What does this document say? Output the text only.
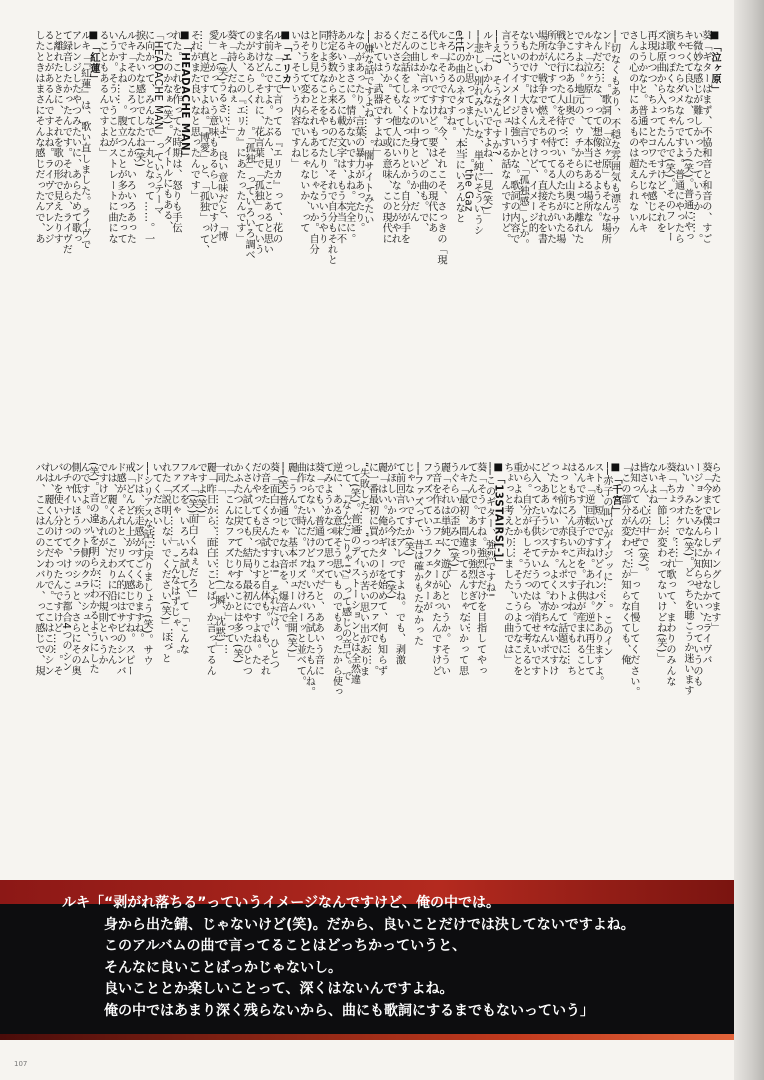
■「泣ヶ原」
葵「ギターはまず、不協和音と和音の、すご
い微妙な感じが難しかったっていうか……。
キモくて良いな、っていう(笑)。普通にやっ
ちゃったらダメなんですよ。普通にやったら
演歌っぽくなっちゃうんで(笑)。そのフレー
ズは原曲から入ってたんですけど、それを
再現しつつ、ちょっとコワモテな感じに
しようかなと。普通にやったんじゃ、ルキ
さんの心の中にあるものは超えられないん
で
──切なくもあり、不穏な雰囲気も漂うサウ
ンドで……。歌詞の「泣ヶ原」もそんな場所
なんだろうな、って想像させるような。
ルキ「泣ヶ原」って、本当にある場所なん
ですよね。地元の、ウチからちょっと離れた
ところにある山奥で……。その山奥にある、
戦争に行った人を待っている人たちがいた場
所なんですって。その待ってる人たちがいた
場所が、戦争で燃えちゃって。直接それを書
いたわけではないんですけど、イメージ的
なものです。大きく言うと、「孤独感」とか。
そういうイメージは強いかな。歌詞の内容で
言うと、インタビューする話なんですけど。
──え!?　そうなんですか?
ルキ「わかんないですよね、一見(笑)」
──悲しい別れみたいな、単純にそういうシ
ーンかと思ってました……。the Gaz
ettEの曲のネタって、本当にいろんなと
ころにあるんですね。
ルキ「そうですね。今、それこそ、さっきの「現
代じゃないですけど。要は、この現代にあ
るこしか言ってないって、どの曲も。で、
この曲は、ネットの中身というか、だん
だん会話をしなくなったりとか。自分が手を
くださなくても、他人にいろんなことがやれ
るというか。それって或る意味、この現代に
おいては、武器ですよね」
──嫌な話ですよね……。闇サイトみたい
なのがあったり、言葉の暴力があったり。
ルキ「まさに。情がないですよね。完全に。
あるいうところに載る文字は、もう本当に不
特定多数から来るものだし。それで自分もそれと
同じようなことをやってたり、そういうやり
とりを見てるとそれもあるんじゃないか。自分
はそうして変わらないんじゃないか、って
いう、そういう内容ですね」
■「エリカ」
ルキ「ここで言ってる『エリカ』って、花の
名前なんですよ。たぶん、見たことあると思い
ますけど。それに、花言葉で「孤独」っていう
のがあるらしく……。「孤独」っていろいろ調べ
てたら、この『エリカ』にあたったんです」
葵「詩人だねぇ……」
ルキ「(笑)うるさいよ!　良い意味だと、「博
愛」とかっていう意味もあるらしいですけど
……真逆ですよね。「博愛」と、「孤独」って、
それがまた良いなと思ったんです」
■「HEADACHE MAN」
れた。これを作ってた時期は、怒りも手伝
ってたのかなぁ(笑)。タイトルにもある、
「HEADACHE MAN」っていうテーマ
に向かって、みんなで一丸となって……。一
捩みたいな感じでしたね(笑)
ルキ「そのころってなんか、いろいろあった
んですよね……。腹立つことが多かったって
いうか。そういうことがストレートに曲にな
ることもあるんですよね」
■「紅蓮」
ルキ「『紅蓮』は、歌い直しました。ライヴで
アレンジしたやつみたいに、あらためて歌っ
て録音したかったんです。それから、ライヴだ
と離れたときに、それを歌の形で見えたりす
ることがあるんですよね。ライヴでアレンジ
したときはまさにそんな感じだったんで、あ
らためてレコーディングしてます」
葵「今まで僕らしか知らなかったライヴバ
ージョンをみんなに知らせたい、っていうのも
いい、みたいな(笑)。どっちを聴こうか迷います
ね、カラオケで……」
葵「ちょっ……。それ歌って、まわりのみんな
ルキ「一節しか変わってないけどね(笑)」
ないよね……」
皆さん、心の中で(笑)。
は知ってるんだぜ……」って自慢してください。
「この部分が変わったか知らなくても、俺
■「千宮」
──赤子の叫びがイジッに……。このイン
ストも、短いですけどインパクトありますよ。
ルキ「逆回転ですね。あれは。逆に再生して
るんです、赤子の声を。子供が産まれること
は、もちろん良いことですよね。でも……ち
ょっと前に、赤ちゃんポストって話題にな
ったじゃないですか。よくわかんないですけ
ど、ああいうシステムって。赤ちゃんポスト
に入ってた子供っていうのは、消せないです
から。自分がもしそうだったらって考えると
重いよね、とか……。そういうようなことを
ちょっと考えたりしました、この曲では」
■「13STAIRS[-]」
──このギター、強烈ですね!
葵「そうですね。強烈さだけを目指してやっ
てたんで。あんまり強烈すぎて……
ルキ「最初、間違ってるんじゃないかって思
うぐらいの歪みで(笑)」
麗「それは単純に、遊び心というか。そうい
う音を作るエフェクターがあったんですけど
ファズっていうエフェクターが
──ファズって、昔は確かもたなかった
じゃないですか(笑)
て前回言ってたアレですよね。でも、剥激
がほしいから今ほ、って(笑)
麗「はい。俺がギターを始めて、何も知らず
に一番最初に買ったのがそのファズで……。
“失敗した……”っていう苦い思い出がありま
して(笑)。普通のディストーションとは全然違
って、『なんだこりゃ!?』って感じの音で。で
逆に、ある意味そう思いものでもあったから使っ
てみようかなって思って」
葵「でも、普通のファズだと、ああいう音に
はならないんだけどね。いろいろ試したもんね。
曲作ってた時に。ファズだけバーッと並べて。
麗「うん。で、基本ボリューム全開(笑)」
──(笑)普通じゃない音を、爆音で。
葵「面白かったですね!　それだけ、ひとつ
の音をたくさん試すこと自体も。でも、それ
だけやっても戻ったりするんですよね。た
くさん試しても、結局、最初にやったひとつ
かふたつに戻ってたりすることは多い(笑)
れた「こんなファズじゃないか」って…
一同「……………………(一瞬、沈黙)」
麗「昨日から、面白いことばっか言ってるん
ですよ(笑)」
ルキ「(笑)面白くねぇだろ!」
ファズを、いろいろ試して、て「こんな
ファズじゃ……」。こんなはずじゃ……。
れた「説明しないでください(笑)」ほっと
いてください……
──シリアスな話に戻りましょう(笑)。サウ
ンドは、疾走感がすごくありますね。
戒「どんどん上がってく感じですね。スピー
ド感が。それと、リズム的にはサビのシンバ
ルは、麗くんのこだわりに沿ってやったん
ですけど。あれが、え……不規則というか
(笑)。音の違いを明らかにわかるようにした
んですよ。ハット側のクラッシュと、タム
側の低いほうのクラッシュと、さらにその奥
のチャイナとって、けっこう都合4つのシン
バルを使い分けてやったんですけど……。そ
れは、麗くんのこだわりで。ここはこのシン
バル、ここはこのシンバル、って感じで、規
ルキ「“剥がれ落ちる”っていうイメージなんですけど、俺の中では。
身から出た錆、じゃないけど(笑)。だから、良いことだけでは決してないですよね。
このアルバムの曲で言ってることはどっちかっていうと、
そんなに良いことばっかじゃないし。
良いこととか楽しいことって、深くはないんですよね。
俺の中ではあまり深く残らないから、曲にも歌詞にするまでもないっていう」
107
